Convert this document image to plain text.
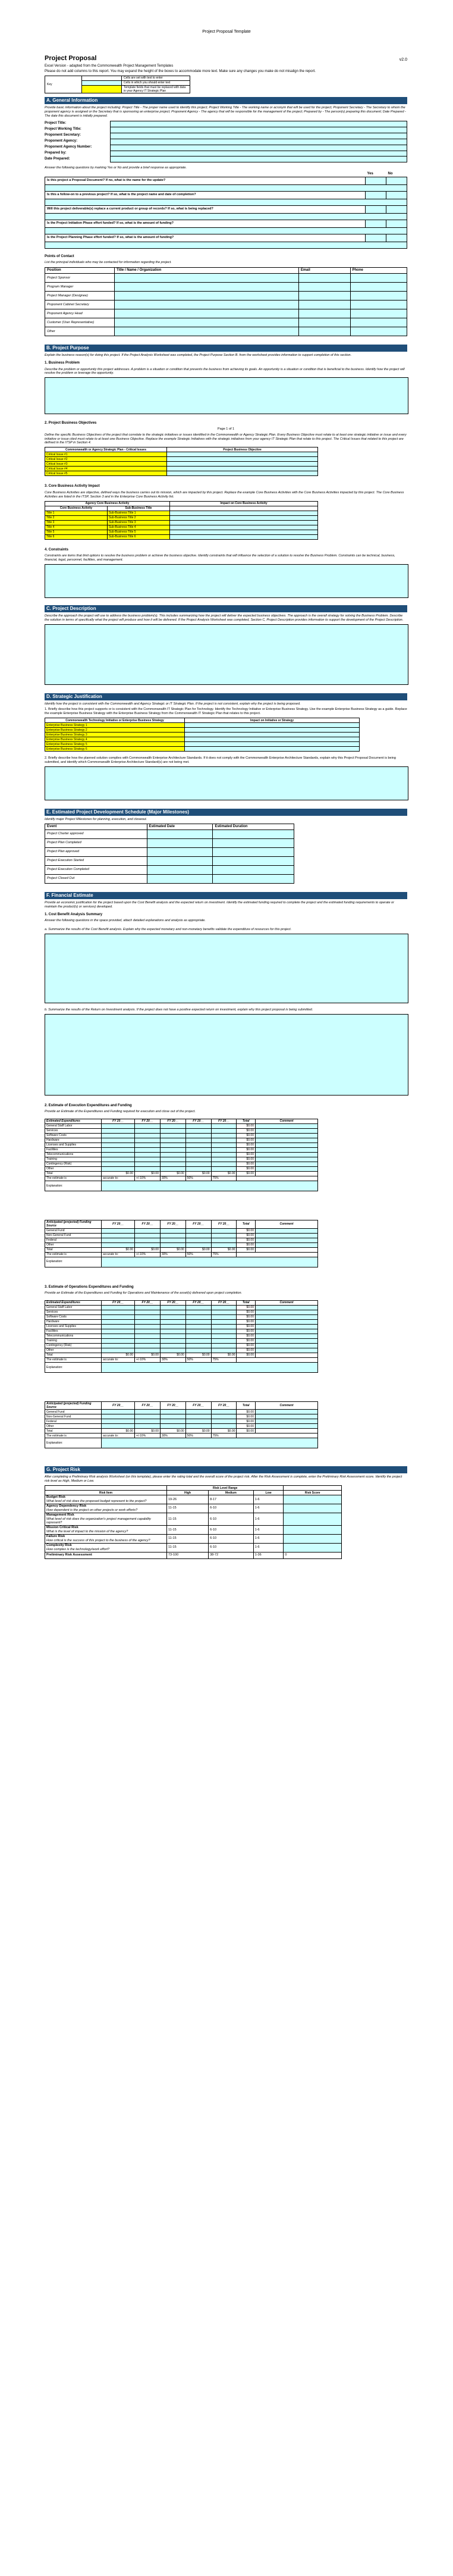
Project Proposal Template
Project Proposal	v2.0
Excel Version - adapted from the Commonwealth Project Management Templates
Please do not add columns to this report. You may expand the height of the boxes to accommodate more text. Make sure any changes you make do not misalign the report.
Key		Cells are set with text to enter
		Cells in which you should enter text
		Template fields that must be replaced with data in your Agency IT Strategic Plan
A. General Information
Provide basic information about the project including: Project Title - The proper name used to identify this project; Project Working Title - The working name or acronym that will be used for the project; Proponent Secretary - The Secretary to whom the proponent agency is assigned or the Secretary that is sponsoring an enterprise project; Proponent Agency - The agency that will be responsible for the management of the project; Prepared by - The person(s) preparing this document; Date Prepared - The date this document is initially prepared.
Project Title:
Project Working Title:
Proponent Secretary:
Proponent Agency:
Proponent Agency Number:
Prepared by:
Date Prepared:
Answer the following questions by marking Yes or No and provide a brief response as appropriate.
	Yes	No
Is this project a Proposal Document? If no, what is the name for the update?		

Is this a follow-on to a previous project? If so, what is the project name and date of completion?		

Will this project deliverable(s) replace a current product or group of records? If so, what is being replaced?		

Is the Project Initiation Phase effort funded? If so, what is the amount of funding?		

Is the Project Planning Phase effort funded? If so, what is the amount of funding?		

Points of Contact
List the principal individuals who may be contacted for information regarding the project.
Position	Title / Name / Organization	Email	Phone
Project Sponsor			
Program Manager			
Project Manager (Designee)			
Proponent Cabinet Secretary			
Proponent Agency Head			
Customer (User Representative)			
Other			
B. Project Purpose
Explain the business reason(s) for doing this project. If the Project Analysis Worksheet was completed, the Project Purpose Section B. from the worksheet provides information to support completion of this section.
1. Business Problem
Describe the problem or opportunity this project addresses. A problem is a situation or condition that prevents the business from achieving its goals. An opportunity is a situation or condition that is beneficial to the business. Identify how the project will resolve the problem or leverage the opportunity.
2. Project Business Objectives
Page 1 of 1
Define the specific Business Objectives of the project that correlate to the strategic initiatives or issues identified in the Commonwealth or Agency Strategic Plan. Every Business Objective must relate to at least one strategic initiative or issue and every initiative or issue cited must relate to at least one Business Objective. Replace the example Strategic Initiatives with the strategic initiatives from your agency IT Strategic Plan that relate to this project. The Critical Issues that related to this project are defined in the ITSP in Section 4.
Commonwealth or Agency Strategic Plan - Critical Issues	Project Business Objective
Critical Issue #1	
Critical Issue #2	
Critical Issue #3	
Critical Issue #4	
Critical Issue #5	
3. Core Business Activity Impact
Core Business Activities are objective, defined ways the business carries out its mission, which are impacted by this project. Replace the example Core Business Activities with the Core Business Activities impacted by this project. The Core Business Activities are listed in the ITSP, Section 3 and in the Enterprise Core Business Activity list.
Agency Core Business Activity		Impact on Core Business Activity
Core Business Activity	Sub-Business Title	
Title 1	Sub-Business Title 1	
Title 2	Sub-Business Title 2	
Title 3	Sub-Business Title 3	
Title 4	Sub-Business Title 4	
Title 5	Sub-Business Title 5	
Title 6	Sub-Business Title 6	
4. Constraints
Constraints are items that limit options to resolve the business problem or achieve the business objective. Identify constraints that will influence the selection of a solution to resolve the Business Problem. Constraints can be technical, business, financial, legal, personnel, facilities, and management.
C. Project Description
Describe the approach the project will use to address the business problem(s). This includes summarizing how the project will deliver the expected business objectives. The approach is the overall strategy for solving the Business Problem. Describe the solution in terms of specifically what the project will produce and how it will be delivered. If the Project Analysis Worksheet was completed, Section C, Project Description provides information to support the development of the Project Description.
D. Strategic Justification
Identify how the project is consistent with the Commonwealth and Agency Strategic or IT Strategic Plan. If the project is not consistent, explain why the project is being proposed.
1. Briefly describe how this project supports or is consistent with the Commonwealth IT Strategic Plan for Technology. Identify the Technology Initiative or Enterprise Business Strategy. Use the example Enterprise Business Strategy as a guide. Replace the example Enterprise Business Strategy with the Enterprise Business Strategy from the Commonwealth IT Strategic Plan that relates to this project.
Commonwealth Technology Initiative or Enterprise Business Strategy	Impact on Initiative or Strategy
Enterprise Business Strategy 1	
Enterprise Business Strategy 2	
Enterprise Business Strategy 3	
Enterprise Business Strategy 4	
Enterprise Business Strategy 5	
Enterprise Business Strategy 6	
2. Briefly describe how the planned solution complies with Commonwealth Enterprise Architecture Standards. If it does not comply with the Commonwealth Enterprise Architecture Standards, explain why this Project Proposal Document is being submitted, and identify which Commonwealth Enterprise Architecture Standard(s) are not being met.
E. Estimated Project Development Schedule (Major Milestones)
Identify major Project Milestones for planning, execution, and closeout.
Event	Estimated Date	Estimated Duration
Project Charter approved		
Project Plan Completed		
Project Plan approved		
Project Execution Started		
Project Execution Completed		
Project Closed Out		
F. Financial Estimate
Provide an economic justification for the project based upon the Cost Benefit analysis and the expected return on investment. Identify the estimated funding required to complete the project and the estimated funding requirements to operate or maintain the product(s) or services) developed.
1. Cost Benefit Analysis Summary
Answer the following questions in the space provided, attach detailed explanations and analysis as appropriate.
a. Summarize the results of the Cost Benefit analysis. Explain why the expected monetary and non-monetary benefits validate the expenditure of resources for this project.
b. Summarize the results of the Return on Investment analysis. If the project does not have a positive expected return on investment, explain why this project proposal is being submitted.
2. Estimate of Execution Expenditures and Funding
Provide an Estimate of the Expenditures and Funding required for execution and close out of the project.
Estimated Expenditures	FY 20__	FY 20__	FY 20__	FY 20__	FY 20__	Total	Comment
General Staff Labor						$0.00	
Services						$0.00	
Software Costs						$0.00	
Hardware						$0.00	
Licenses and Supplies						$0.00	
Facilities						$0.00	
Telecommunications						$0.00	
Training						$0.00	
Contingency (Risk)						$0.00	
Other						$0.00	
Total	$0.00	$0.00	$0.00	$0.00	$0.00	$0.00	
The estimate is	accurate to:	+/-10%	30%	50%	75%		
Explanation:							
Anticipated (projected) Funding Source	FY 20__	FY 20__	FY 20__	FY 20__	FY 20__	Total	Comment
General Fund						$0.00	
Non-General Fund						$0.00	
Federal						$0.00	
Other						$0.00	
Total	$0.00	$0.00	$0.00	$0.00	$0.00	$0.00	
The estimate is	accurate to:	+/-10%	30%	50%	75%		
Explanation:							
3. Estimate of Operations Expenditures and Funding
Provide an Estimate of the Expenditures and Funding for Operations and Maintenance of the asset(s) delivered upon project completion.
Estimated Expenditures	FY 20__	FY 20__	FY 20__	FY 20__	FY 20__	Total	Comment
General Staff Labor						$0.00	
Services						$0.00	
Software Costs						$0.00	
Hardware						$0.00	
Licenses and Supplies						$0.00	
Facilities						$0.00	
Telecommunications						$0.00	
Training						$0.00	
Contingency (Risk)						$0.00	
Other						$0.00	
Total	$0.00	$0.00	$0.00	$0.00	$0.00	$0.00	
The estimate is	accurate to:	+/-10%	30%	50%	75%		
Explanation:							
Anticipated (projected) Funding Source	FY 20__	FY 20__	FY 20__	FY 20__	FY 20__	Total	Comment
General Fund						$0.00	
Non-General Fund						$0.00	
Federal						$0.00	
Other						$0.00	
Total	$0.00	$0.00	$0.00	$0.00	$0.00	$0.00	
The estimate is	accurate to:	+/-10%	30%	50%	75%		
Explanation:							
G. Project Risk
After completing a Preliminary Risk analysis Worksheet (on this template), please enter the rating total and the overall score of the project risk. After the Risk Assessment is complete, enter the Preliminary Risk Assessment score. Identify the project risk level as High, Medium or Low.
	Risk Level Range			
Risk Item	High	Medium	Low	Risk Score
Budget Risk
What level of risk does the proposed budget represent to the project?	19-26	8-17	1-6	
Agency Dependency Risk
How dependent is the project on other projects or work efforts?	11-15	6-10	1-6	
Management Risk
What level of risk does the organization's project management capability represent?	11-15	6-10	1-6	
Mission Critical Risk
What is the level of impact to the mission of the agency?	11-15	6-10	1-6	
Failure Risk
How critical is the success of this project to the business of the agency?	11-15	6-10	1-6	
Complexity Risk
How complex is the technology/work effort?	11-15	6-10	1-6	
Preliminary Risk Assessment	73-100	38-72	1-36	0
